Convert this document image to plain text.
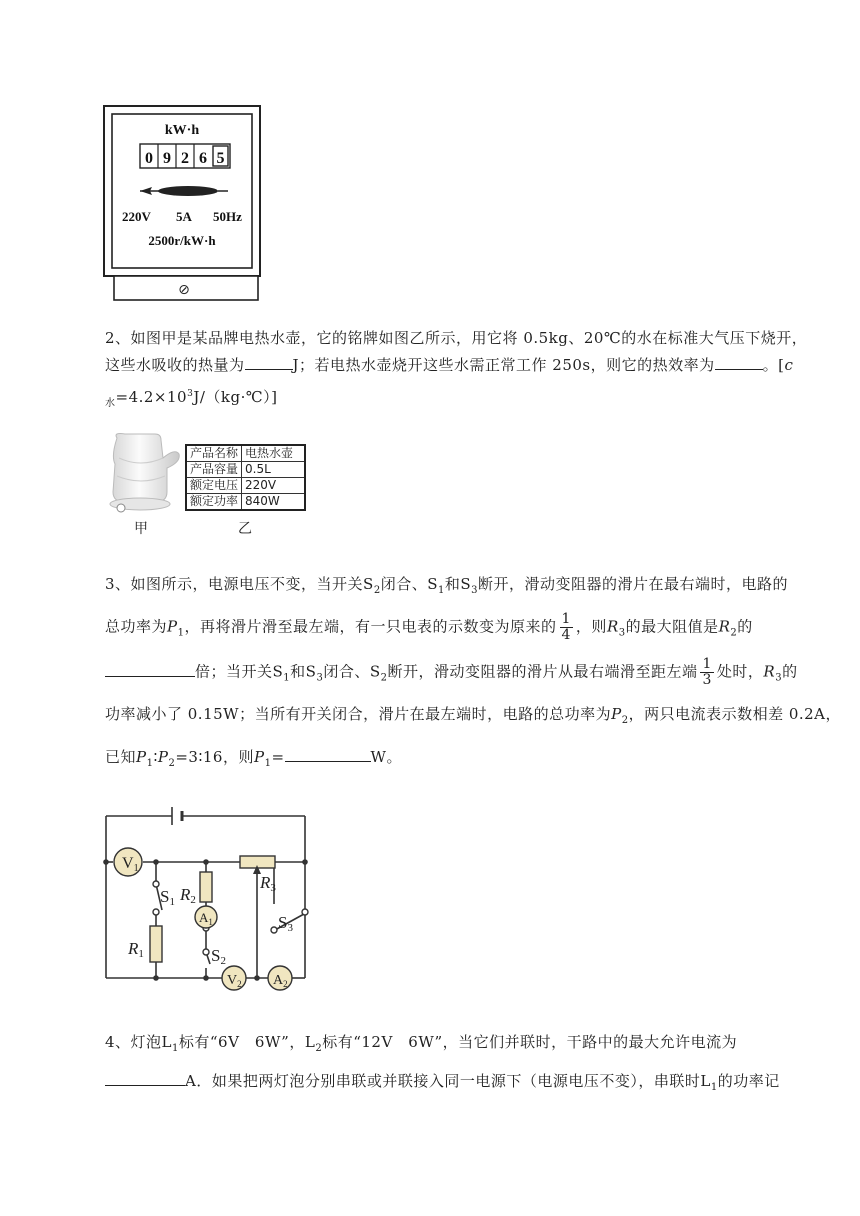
kW·h
0 9 2 6 5
220V 5A 50Hz
2500r/kW·h
⊘
2、如图甲是某品牌电热水壶，它的铭牌如图乙所示，用它将 0.5kg、20℃的水在标准大气压下烧开，
这些水吸收的热量为	J；若电热水壶烧开这些水需正常工作 250s，则它的热效率为	。[c
$_水=4.2\times 10^3J/(kg\cdot℃)$]
甲
产品名称	电热水壶
产品容量	0.5L
额定电压	220V
额定功率	840W
乙
3、如图所示，电源电压不变，当开关$S_2$闭合、$S_1$和$S_3$断开，滑动变阻器的滑片在最右端时，电路的
总功率为$P_1$，再将滑片滑至最左端，有一只电表的示数变为原来的 $\frac{1}{4}$ ，则$R_3$的最大阻值是$R_2$的
倍；当开关$S_1$和$S_3$闭合、$S_2$断开，滑动变阻器的滑片从最右端滑至距左端 $\frac{1}{3}$ 处时，$R_3$的
功率减小了 0.15W；当所有开关闭合，滑片在最左端时，电路的总功率为$P_2$，两只电流表示数相差 0.2A，
已知$P_1∶P_2=3∶16$，则$P_1=$	W。
V1
$A_1$
$V_2$ $A_2$
S1 R2
S2
R1
R3
S3
4、灯泡$L_1$标有“6V　6W”，$L_2$标有“12V　6W”，当它们并联时，干路中的最大允许电流为
A．如果把两灯泡分别串联或并联接入同一电源下（电源电压不变），串联时$L_1$的功率记
